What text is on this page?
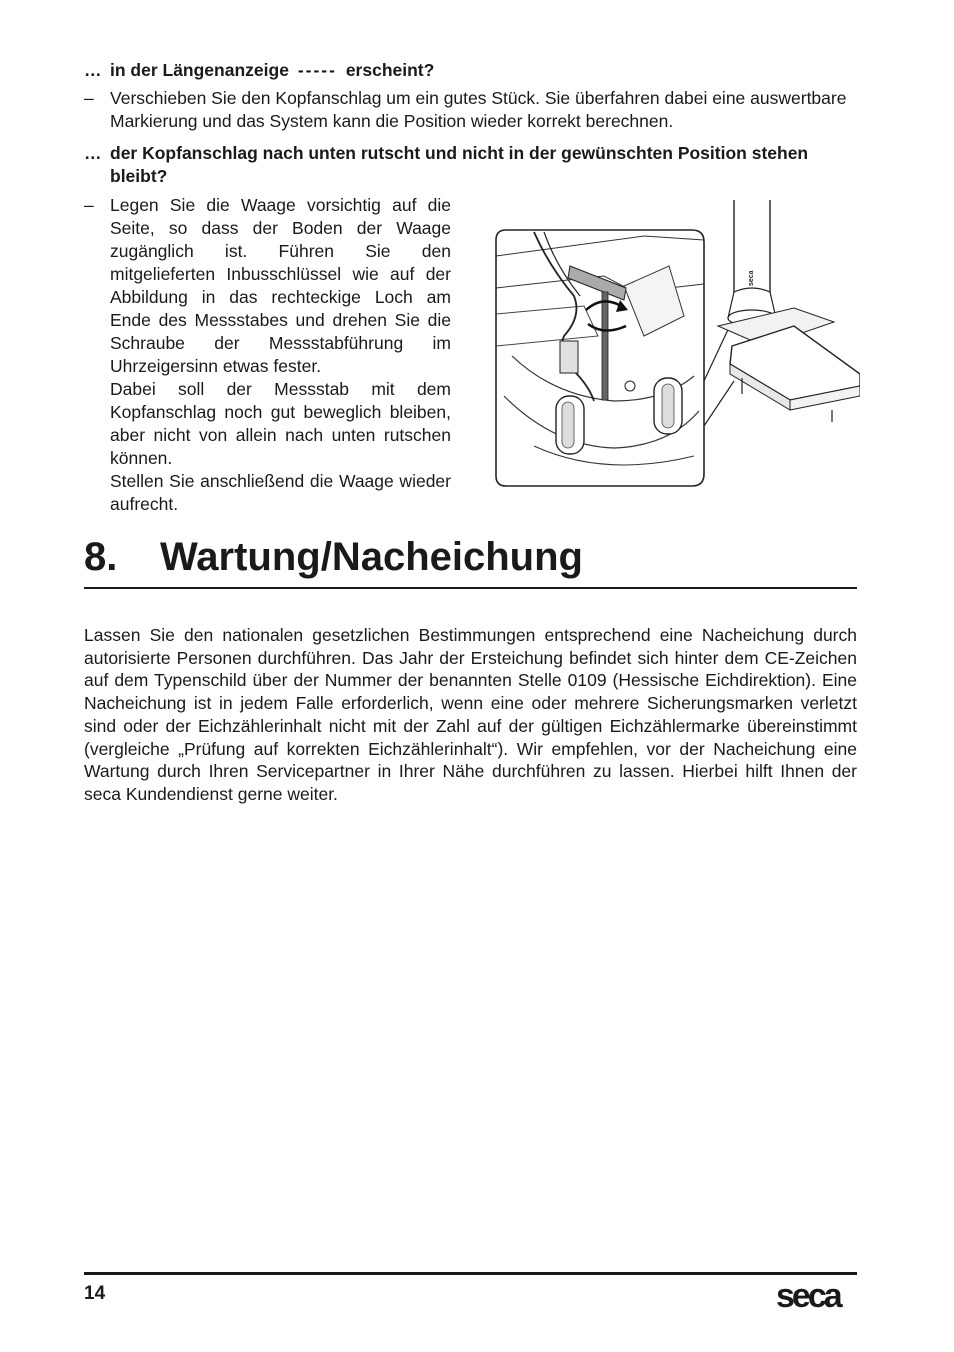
… in der Längenanzeige ----- erscheint?
– Verschieben Sie den Kopfanschlag um ein gutes Stück. Sie überfahren dabei eine auswertbare Markierung und das System kann die Position wieder korrekt berechnen.
… der Kopfanschlag nach unten rutscht und nicht in der gewünschten Position stehen bleibt?
– Legen Sie die Waage vorsichtig auf die Seite, so dass der Boden der Waage zugänglich ist. Führen Sie den mitgelieferten Inbusschlüssel wie auf der Abbildung in das rechteckige Loch am Ende des Messstabes und drehen Sie die Schraube der Messstabführung im Uhrzeigersinn etwas fester.
Dabei soll der Messstab mit dem Kopfanschlag noch gut beweglich bleiben, aber nicht von allein nach unten rutschen können.
Stellen Sie anschließend die Waage wieder aufrecht.
seca
8. Wartung/Nacheichung

Lassen Sie den nationalen gesetzlichen Bestimmungen entsprechend eine Nacheichung durch autorisierte Personen durchführen. Das Jahr der Ersteichung befindet sich hinter dem CE-Zeichen auf dem Typenschild über der Nummer der benannten Stelle 0109 (Hessische Eichdirektion). Eine Nacheichung ist in jedem Falle erforderlich, wenn eine oder mehrere Sicherungsmarken verletzt sind oder der Eichzählerinhalt nicht mit der Zahl auf der gültigen Eichzählermarke übereinstimmt (vergleiche „Prüfung auf korrekten Eichzählerinhalt“). Wir empfehlen, vor der Nacheichung eine Wartung durch Ihren Servicepartner in Ihrer Nähe durchführen zu lassen. Hierbei hilft Ihnen der seca Kundendienst gerne weiter.

14	seca
